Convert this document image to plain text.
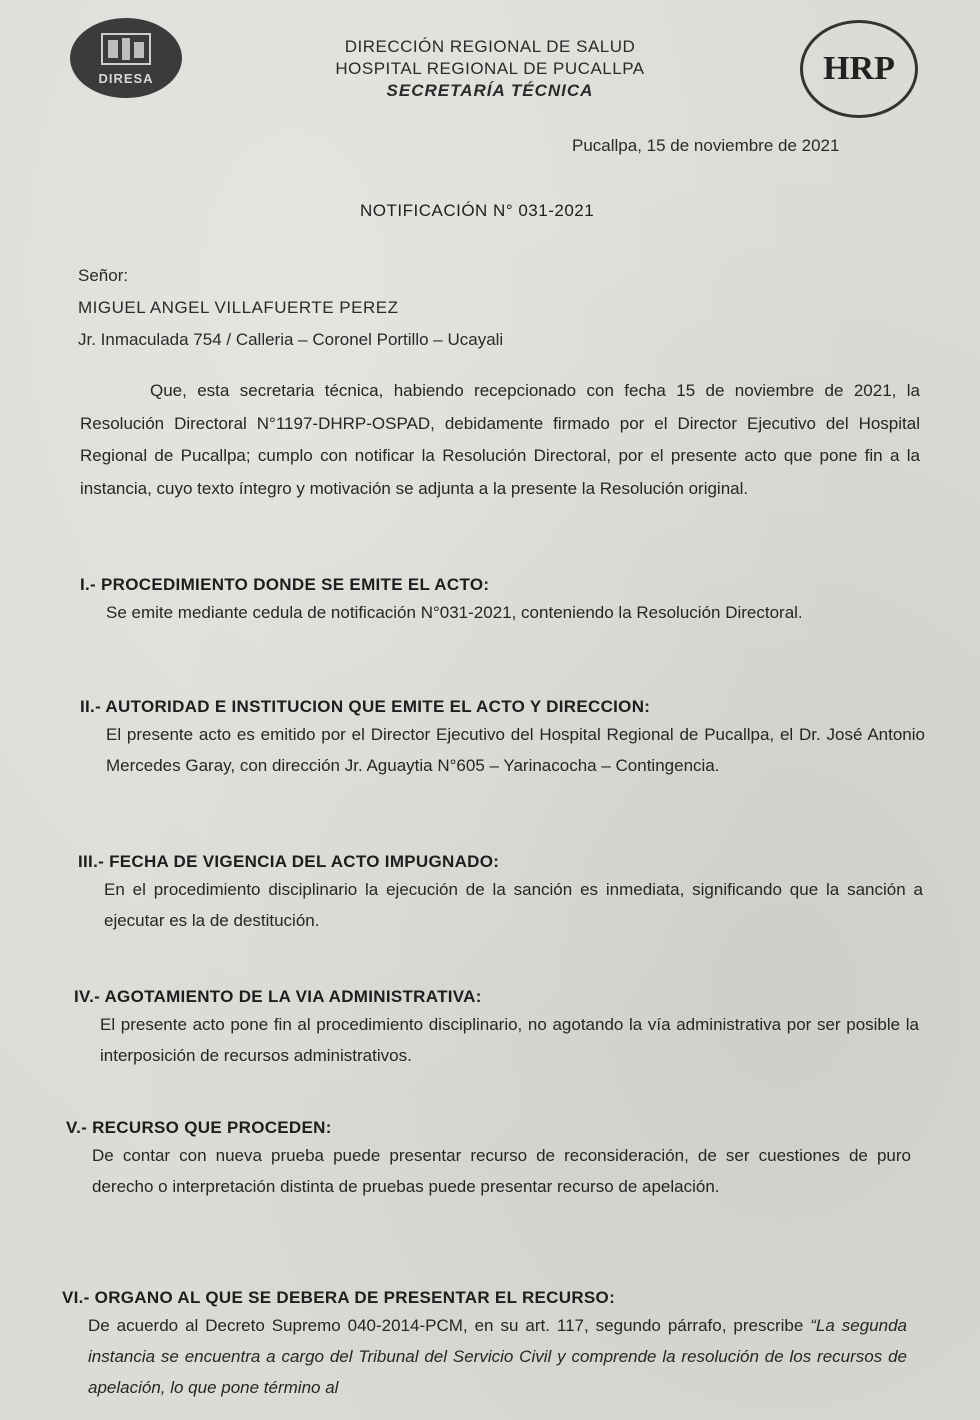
DIRESA
DIRECCIÓN REGIONAL DE SALUD
HOSPITAL REGIONAL DE PUCALLPA
SECRETARÍA TÉCNICA
HRP
Pucallpa, 15 de noviembre de 2021
NOTIFICACIÓN N° 031-2021
Señor:
MIGUEL ANGEL VILLAFUERTE PEREZ
Jr. Inmaculada 754 / Calleria – Coronel Portillo – Ucayali
Que, esta secretaria técnica, habiendo recepcionado con fecha 15 de noviembre de 2021, la Resolución Directoral N°1197-DHRP-OSPAD, debidamente firmado por el Director Ejecutivo del Hospital Regional de Pucallpa; cumplo con notificar la Resolución Directoral, por el presente acto que pone fin a la instancia, cuyo texto íntegro y motivación se adjunta a la presente la Resolución original.
I.- PROCEDIMIENTO DONDE SE EMITE EL ACTO:
Se emite mediante cedula de notificación N°031-2021, conteniendo la Resolución Directoral.
II.- AUTORIDAD E INSTITUCION QUE EMITE EL ACTO Y DIRECCION:
El presente acto es emitido por el Director Ejecutivo del Hospital Regional de Pucallpa, el Dr. José Antonio Mercedes Garay, con dirección Jr. Aguaytia N°605 – Yarinacocha – Contingencia.
III.- FECHA DE VIGENCIA DEL ACTO IMPUGNADO:
En el procedimiento disciplinario la ejecución de la sanción es inmediata, significando que la sanción a ejecutar es la de destitución.
IV.- AGOTAMIENTO DE LA VIA ADMINISTRATIVA:
El presente acto pone fin al procedimiento disciplinario, no agotando la vía administrativa por ser posible la interposición de recursos administrativos.
V.- RECURSO QUE PROCEDEN:
De contar con nueva prueba puede presentar recurso de reconsideración, de ser cuestiones de puro derecho o interpretación distinta de pruebas puede presentar recurso de apelación.
VI.- ORGANO AL QUE SE DEBERA DE PRESENTAR EL RECURSO:
De acuerdo al Decreto Supremo 040-2014-PCM, en su art. 117, segundo párrafo, prescribe “La segunda instancia se encuentra a cargo del Tribunal del Servicio Civil y comprende la resolución de los recursos de apelación, lo que pone término al
